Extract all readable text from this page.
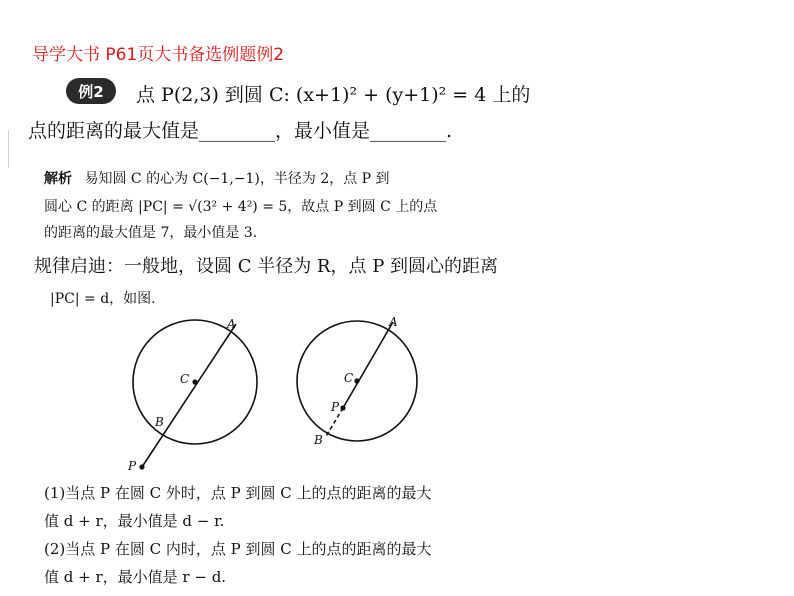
导学大书 P61页大书备选例题例2
例2	点 P(2,3) 到圆 C: (x+1)² + (y+1)² = 4 上的
点的距离的最大值是________，最小值是________.
解析 易知圆 C 的心为 C(−1,−1)，半径为 2，点 P 到
圆心 C 的距离 |PC| = √(3² + 4²) = 5，故点 P 到圆 C 上的点
的距离的最大值是 7，最小值是 3.
规律启迪：一般地，设圆 C 半径为 R，点 P 到圆心的距离
|PC| = d，如图.
A
C
B
P
A
C
P
B
(1)当点 P 在圆 C 外时，点 P 到圆 C 上的点的距离的最大
值 d + r，最小值是 d − r.
(2)当点 P 在圆 C 内时，点 P 到圆 C 上的点的距离的最大
值 d + r，最小值是 r − d.
